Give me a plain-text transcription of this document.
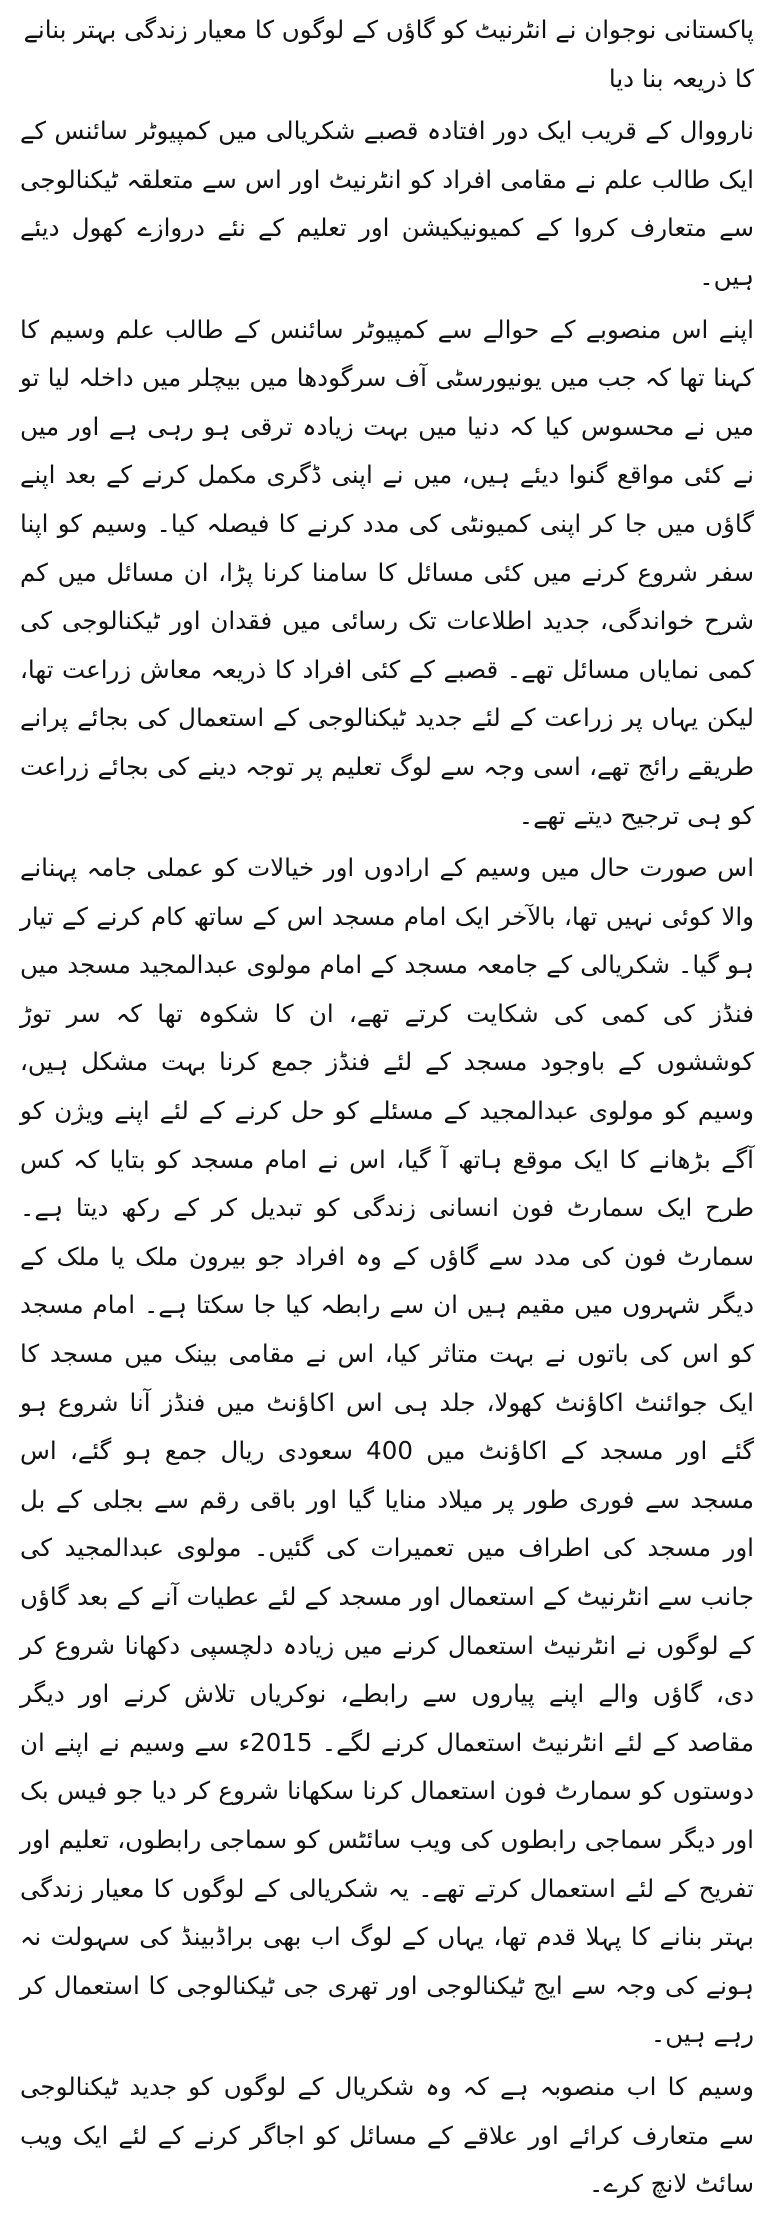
پاکستانی نوجوان نے انٹرنیٹ کو گاؤں کے لوگوں کا معیار زندگی بہتر بنانے کا ذریعہ بنا دیا

نارووال کے قریب ایک دور افتادہ قصبے شکریالی میں کمپیوٹر سائنس کے ایک طالب علم نے مقامی افراد کو انٹرنیٹ اور اس سے متعلقہ ٹیکنالوجی سے متعارف کروا کے کمیونیکیشن اور تعلیم کے نئے دروازے کھول دیئے ہیں۔

اپنے اس منصوبے کے حوالے سے کمپیوٹر سائنس کے طالب علم وسیم کا کہنا تھا کہ جب میں یونیورسٹی آف سرگودھا میں بیچلر میں داخلہ لیا تو میں نے محسوس کیا کہ دنیا میں بہت زیادہ ترقی ہو رہی ہے اور میں نے کئی مواقع گنوا دیئے ہیں، میں نے اپنی ڈگری مکمل کرنے کے بعد اپنے گاؤں میں جا کر اپنی کمیونٹی کی مدد کرنے کا فیصلہ کیا۔ وسیم کو اپنا سفر شروع کرنے میں کئی مسائل کا سامنا کرنا پڑا، ان مسائل میں کم شرح خواندگی، جدید اطلاعات تک رسائی میں فقدان اور ٹیکنالوجی کی کمی نمایاں مسائل تھے۔ قصبے کے کئی افراد کا ذریعہ معاش زراعت تھا، لیکن یہاں پر زراعت کے لئے جدید ٹیکنالوجی کے استعمال کی بجائے پرانے طریقے رائج تھے، اسی وجہ سے لوگ تعلیم پر توجہ دینے کی بجائے زراعت کو ہی ترجیح دیتے تھے۔

اس صورت حال میں وسیم کے ارادوں اور خیالات کو عملی جامہ پہنانے والا کوئی نہیں تھا، بالآخر ایک امام مسجد اس کے ساتھ کام کرنے کے تیار ہو گیا۔ شکریالی کے جامعہ مسجد کے امام مولوی عبدالمجید مسجد میں فنڈز کی کمی کی شکایت کرتے تھے، ان کا شکوہ تھا کہ سر توڑ کوششوں کے باوجود مسجد کے لئے فنڈز جمع کرنا بہت مشکل ہیں، وسیم کو مولوی عبدالمجید کے مسئلے کو حل کرنے کے لئے اپنے ویژن کو آگے بڑھانے کا ایک موقع ہاتھ آ گیا، اس نے امام مسجد کو بتایا کہ کس طرح ایک سمارٹ فون انسانی زندگی کو تبدیل کر کے رکھ دیتا ہے۔ سمارٹ فون کی مدد سے گاؤں کے وہ افراد جو بیرون ملک یا ملک کے دیگر شہروں میں مقیم ہیں ان سے رابطہ کیا جا سکتا ہے۔ امام مسجد کو اس کی باتوں نے بہت متاثر کیا، اس نے مقامی بینک میں مسجد کا ایک جوائنٹ اکاؤنٹ کھولا، جلد ہی اس اکاؤنٹ میں فنڈز آنا شروع ہو گئے اور مسجد کے اکاؤنٹ میں 400 سعودی ریال جمع ہو گئے، اس مسجد سے فوری طور پر میلاد منایا گیا اور باقی رقم سے بجلی کے بل اور مسجد کی اطراف میں تعمیرات کی گئیں۔ مولوی عبدالمجید کی جانب سے انٹرنیٹ کے استعمال اور مسجد کے لئے عطیات آنے کے بعد گاؤں کے لوگوں نے انٹرنیٹ استعمال کرنے میں زیادہ دلچسپی دکھانا شروع کر دی، گاؤں والے اپنے پیاروں سے رابطے، نوکریاں تلاش کرنے اور دیگر مقاصد کے لئے انٹرنیٹ استعمال کرنے لگے۔ 2015ء سے وسیم نے اپنے ان دوستوں کو سمارٹ فون استعمال کرنا سکھانا شروع کر دیا جو فیس بک اور دیگر سماجی رابطوں کی ویب سائٹس کو سماجی رابطوں، تعلیم اور تفریح کے لئے استعمال کرتے تھے۔ یہ شکریالی کے لوگوں کا معیار زندگی بہتر بنانے کا پہلا قدم تھا، یہاں کے لوگ اب بھی براڈبینڈ کی سہولت نہ ہونے کی وجہ سے ایج ٹیکنالوجی اور تھری جی ٹیکنالوجی کا استعمال کر رہے ہیں۔

وسیم کا اب منصوبہ ہے کہ وہ شکریال کے لوگوں کو جدید ٹیکنالوجی سے متعارف کرائے اور علاقے کے مسائل کو اجاگر کرنے کے لئے ایک ویب سائٹ لانچ کرے۔
